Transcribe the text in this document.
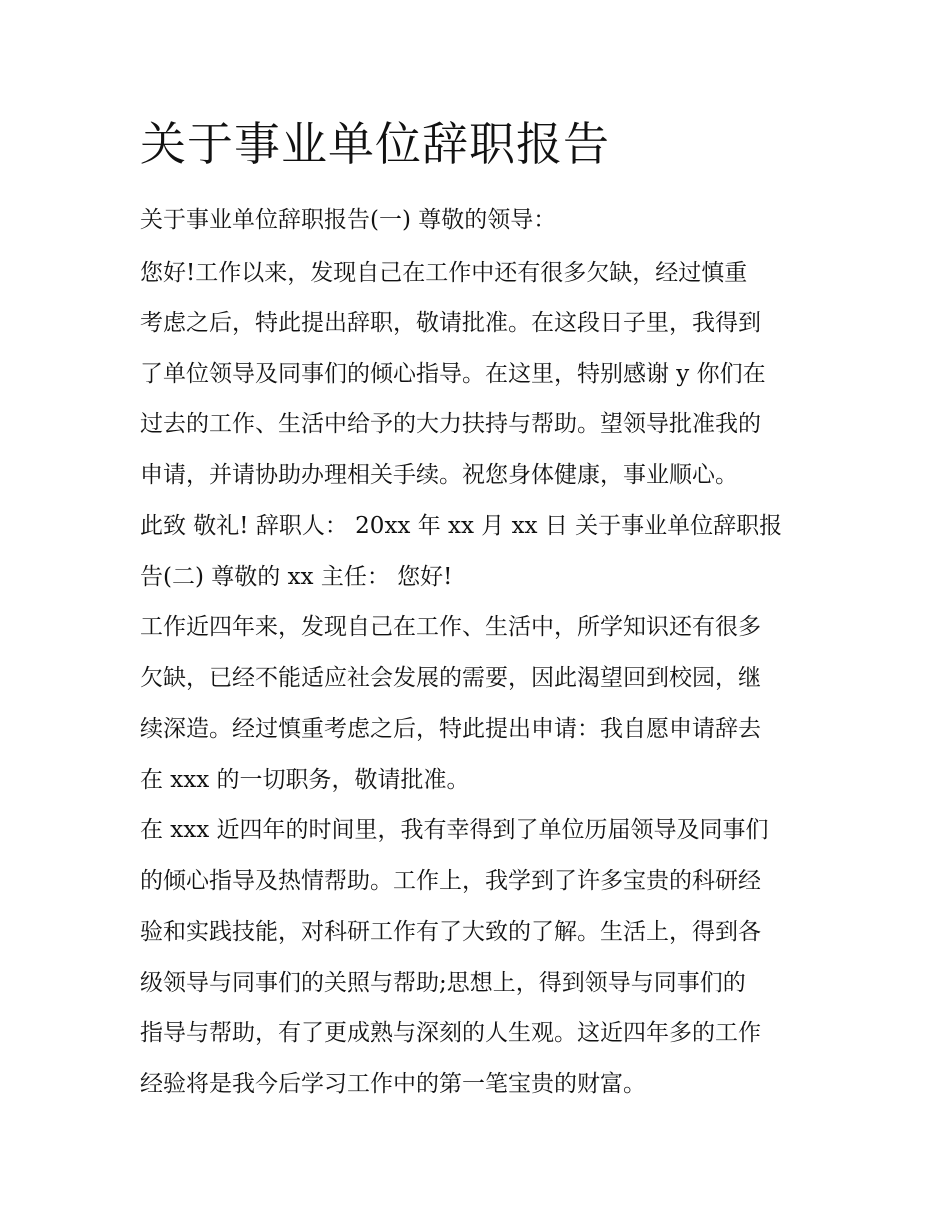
关于事业单位辞职报告
关于事业单位辞职报告(一) 尊敬的领导：
您好!工作以来，发现自己在工作中还有很多欠缺，经过慎重
考虑之后，特此提出辞职，敬请批准。在这段日子里，我得到
了单位领导及同事们的倾心指导。在这里，特别感谢 y 你们在
过去的工作、生活中给予的大力扶持与帮助。望领导批准我的
申请，并请协助办理相关手续。祝您身体健康，事业顺心。
此致 敬礼! 辞职人： 20xx 年 xx 月 xx 日 关于事业单位辞职报
告(二) 尊敬的 xx 主任： 您好!
工作近四年来，发现自己在工作、生活中，所学知识还有很多
欠缺，已经不能适应社会发展的需要，因此渴望回到校园，继
续深造。经过慎重考虑之后，特此提出申请：我自愿申请辞去
在 xxx 的一切职务，敬请批准。
在 xxx 近四年的时间里，我有幸得到了单位历届领导及同事们
的倾心指导及热情帮助。工作上，我学到了许多宝贵的科研经
验和实践技能，对科研工作有了大致的了解。生活上，得到各
级领导与同事们的关照与帮助;思想上，得到领导与同事们的
指导与帮助，有了更成熟与深刻的人生观。这近四年多的工作
经验将是我今后学习工作中的第一笔宝贵的财富。
